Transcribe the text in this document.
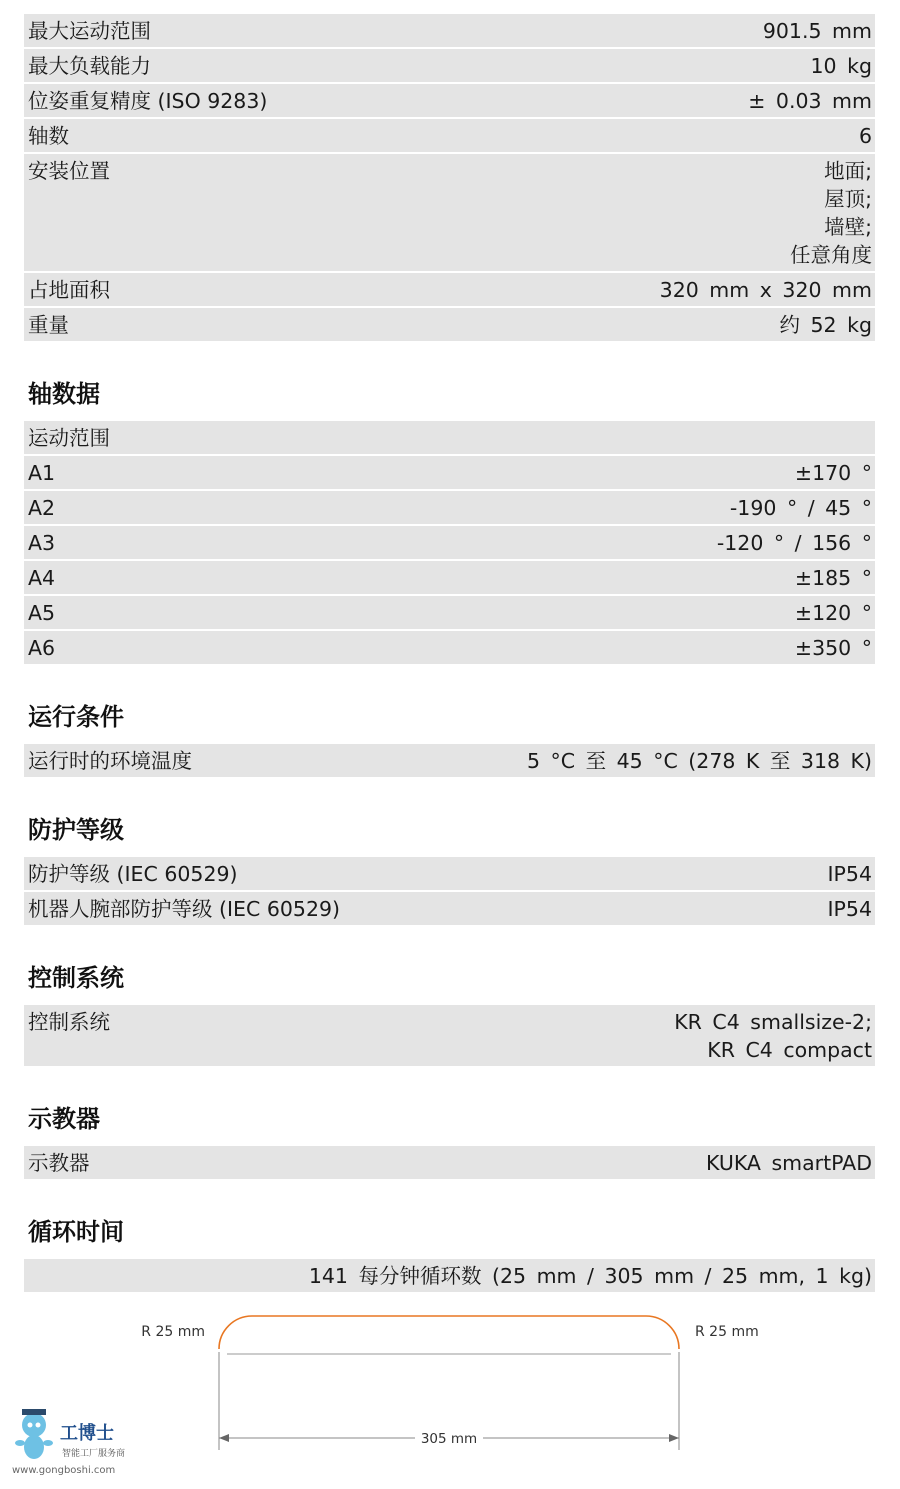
最大运动范围	901.5 mm
最大负载能力	10 kg
位姿重复精度 (ISO 9283)	± 0.03 mm
轴数	6
安装位置	地面;
屋顶;
墙壁;
任意角度
占地面积	320 mm x 320 mm
重量	约 52 kg
轴数据
运动范围
A1	±170 °
A2	-190 ° / 45 °
A3	-120 ° / 156 °
A4	±185 °
A5	±120 °
A6	±350 °
运行条件
运行时的环境温度	5 °C 至 45 °C (278 K 至 318 K)
防护等级
防护等级 (IEC 60529)	IP54
机器人腕部防护等级 (IEC 60529)	IP54
控制系统
控制系统	KR C4 smallsize-2;
KR C4 compact
示教器
示教器	KUKA smartPAD
循环时间
141 每分钟循环数 (25 mm / 305 mm / 25 mm, 1 kg)
R 25 mm	R 25 mm
305 mm
工博士
智能工厂服务商
www.gongboshi.com
